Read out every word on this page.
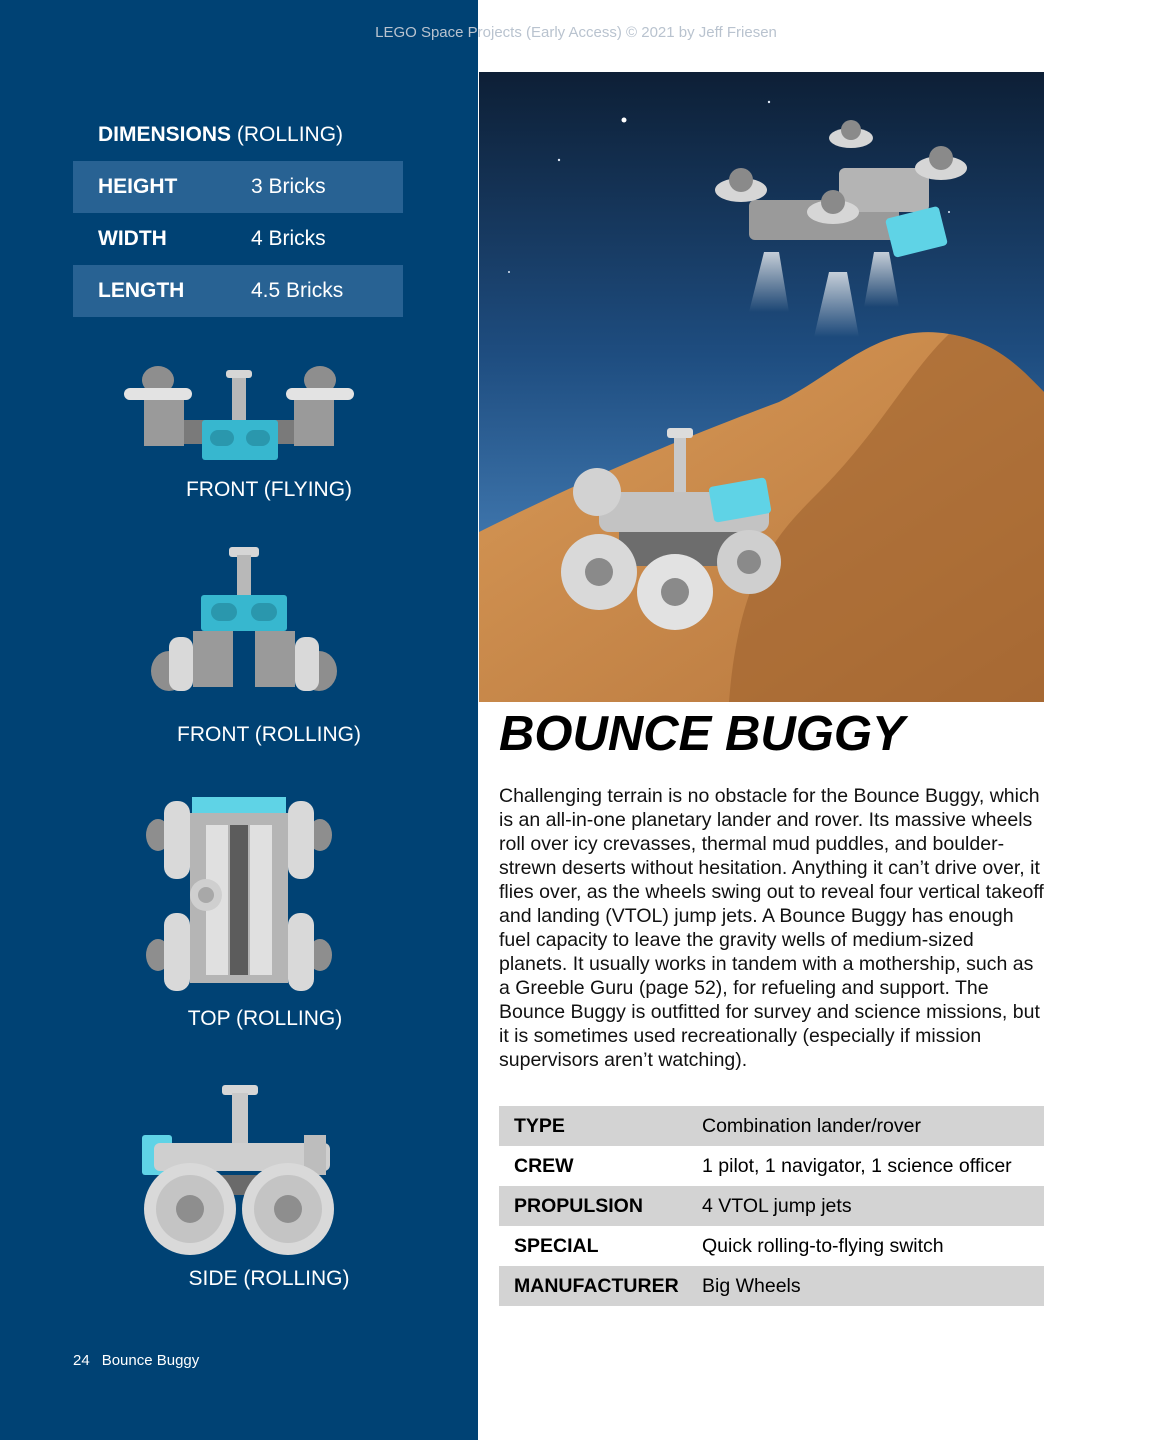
LEGO Space Projects (Early Access) © 2021 by Jeff Friesen
DIMENSIONS (ROLLING)
HEIGHT	3 Bricks
WIDTH	4 Bricks
LENGTH	4.5 Bricks
FRONT (FLYING)
FRONT (ROLLING)
TOP (ROLLING)
SIDE (ROLLING)
24 Bounce Buggy
BOUNCE BUGGY

Challenging terrain is no obstacle for the Bounce Buggy, which is an all-in-one planetary lander and rover. Its massive wheels roll over icy crevasses, thermal mud puddles, and boulder-strewn deserts without hesitation. Anything it can’t drive over, it flies over, as the wheels swing out to reveal four vertical takeoff and landing (VTOL) jump jets. A Bounce Buggy has enough fuel capacity to leave the gravity wells of medium-sized planets. It usually works in tandem with a mothership, such as a Greeble Guru (page 52), for refueling and support. The Bounce Buggy is outfitted for survey and science missions, but it is sometimes used recreationally (especially if mission supervisors aren’t watching).

TYPE	Combination lander/rover
CREW	1 pilot, 1 navigator, 1 science officer
PROPULSION	4 VTOL jump jets
SPECIAL	Quick rolling-to-flying switch
MANUFACTURER	Big Wheels
